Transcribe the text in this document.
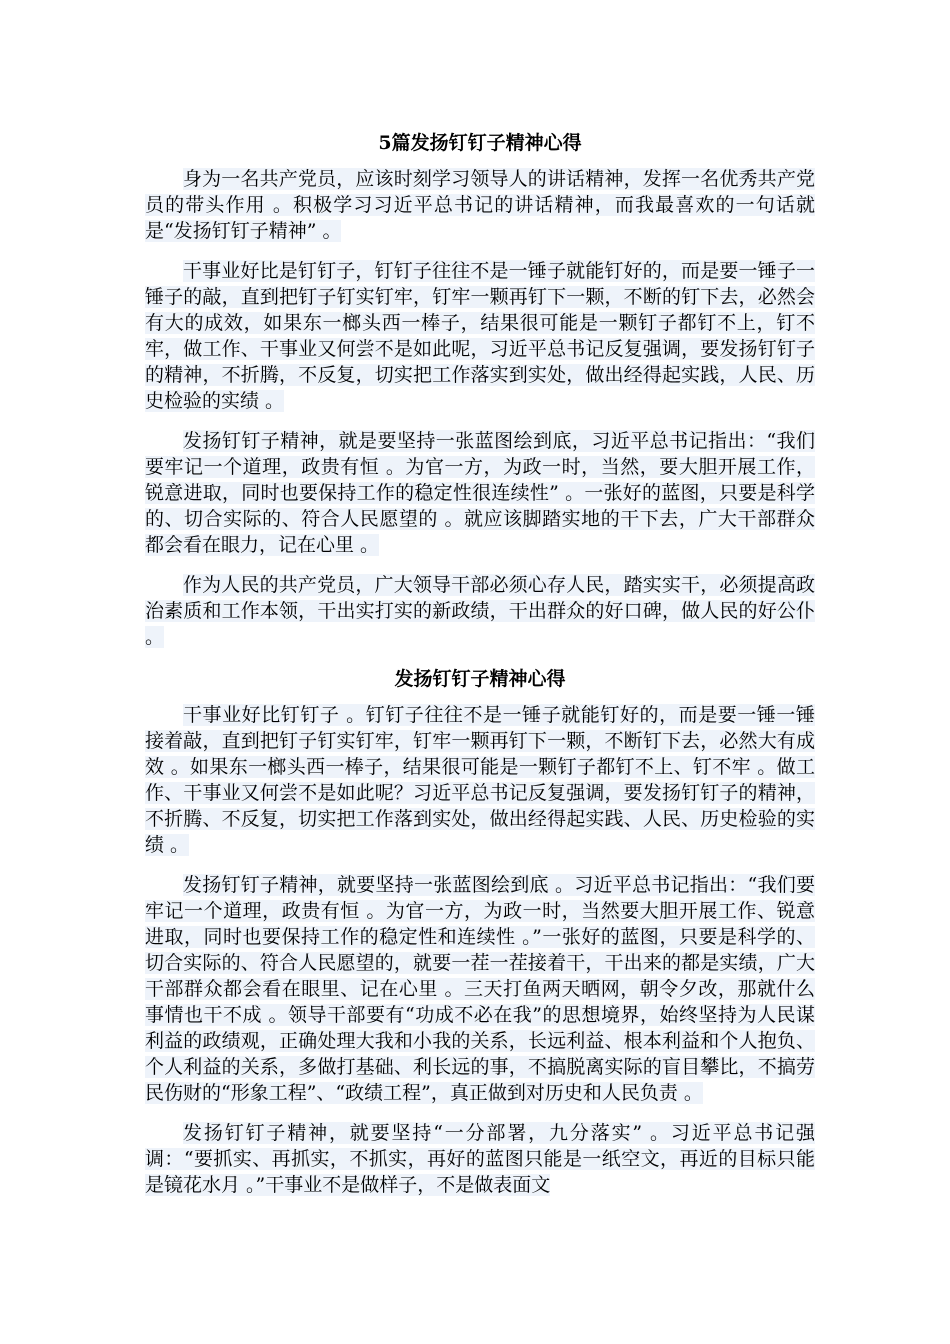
5篇发扬钉钉子精神心得

身为一名共产党员，应该时刻学习领导人的讲话精神，发挥一名优秀共产党员的带头作用 。积极学习习近平总书记的讲话精神，而我最喜欢的一句话就是“发扬钉钉子精神” 。

干事业好比是钉钉子，钉钉子往往不是一锤子就能钉好的，而是要一锤子一锤子的敲，直到把钉子钉实钉牢，钉牢一颗再钉下一颗，不断的钉下去，必然会有大的成效，如果东一榔头西一棒子，结果很可能是一颗钉子都钉不上，钉不牢，做工作、干事业又何尝不是如此呢，习近平总书记反复强调，要发扬钉钉子的精神，不折腾，不反复，切实把工作落实到实处，做出经得起实践，人民、历史检验的实绩 。

发扬钉钉子精神，就是要坚持一张蓝图绘到底，习近平总书记指出：“我们要牢记一个道理，政贵有恒 。为官一方，为政一时，当然，要大胆开展工作，锐意进取，同时也要保持工作的稳定性很连续性” 。一张好的蓝图，只要是科学的、切合实际的、符合人民愿望的 。就应该脚踏实地的干下去，广大干部群众都会看在眼力，记在心里 。

作为人民的共产党员，广大领导干部必须心存人民，踏实实干，必须提高政治素质和工作本领，干出实打实的新政绩，干出群众的好口碑，做人民的好公仆 。

发扬钉钉子精神心得

干事业好比钉钉子 。钉钉子往往不是一锤子就能钉好的，而是要一锤一锤接着敲，直到把钉子钉实钉牢，钉牢一颗再钉下一颗，不断钉下去，必然大有成效 。如果东一榔头西一棒子，结果很可能是一颗钉子都钉不上、钉不牢 。做工作、干事业又何尝不是如此呢？习近平总书记反复强调，要发扬钉钉子的精神，不折腾、不反复，切实把工作落到实处，做出经得起实践、人民、历史检验的实绩 。

发扬钉钉子精神，就要坚持一张蓝图绘到底 。习近平总书记指出：“我们要牢记一个道理，政贵有恒 。为官一方，为政一时，当然要大胆开展工作、锐意进取，同时也要保持工作的稳定性和连续性 。”一张好的蓝图，只要是科学的、切合实际的、符合人民愿望的，就要一茬一茬接着干，干出来的都是实绩，广大干部群众都会看在眼里、记在心里 。三天打鱼两天晒网，朝令夕改，那就什么事情也干不成 。领导干部要有“功成不必在我”的思想境界，始终坚持为人民谋利益的政绩观，正确处理大我和小我的关系，长远利益、根本利益和个人抱负、个人利益的关系，多做打基础、利长远的事，不搞脱离实际的盲目攀比，不搞劳民伤财的“形象工程”、“政绩工程”，真正做到对历史和人民负责 。

发扬钉钉子精神，就要坚持“一分部署，九分落实” 。习近平总书记强调：“要抓实、再抓实，不抓实，再好的蓝图只能是一纸空文，再近的目标只能是镜花水月 。”干事业不是做样子，不是做表面文
